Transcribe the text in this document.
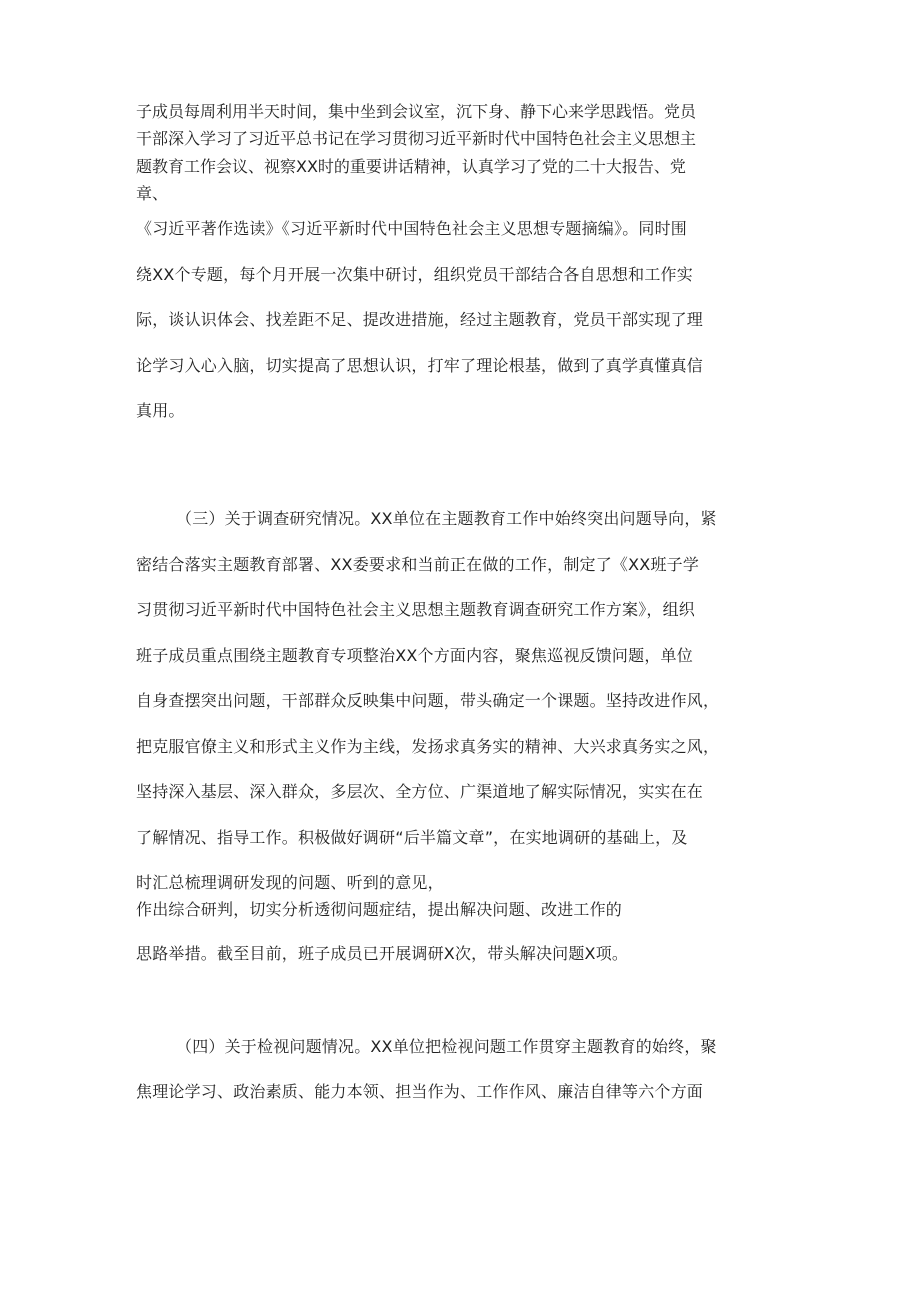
子成员每周利用半天时间，集中坐到会议室，沉下身、静下心来学思践悟。党员
干部深入学习了习近平总书记在学习贯彻习近平新时代中国特色社会主义思想主
题教育工作会议、视察XX时的重要讲话精神，认真学习了党的二十大报告、党
章、
《习近平著作选读》《习近平新时代中国特色社会主义思想专题摘编》。同时围
绕XX个专题，每个月开展一次集中研讨，组织党员干部结合各自思想和工作实
际，谈认识体会、找差距不足、提改进措施，经过主题教育，党员干部实现了理
论学习入心入脑，切实提高了思想认识，打牢了理论根基，做到了真学真懂真信
真用。
（三）关于调查研究情况。XX单位在主题教育工作中始终突出问题导向，紧
密结合落实主题教育部署、XX委要求和当前正在做的工作，制定了《XX班子学
习贯彻习近平新时代中国特色社会主义思想主题教育调查研究工作方案》，组织
班子成员重点围绕主题教育专项整治XX个方面内容，聚焦巡视反馈问题，单位
自身查摆突出问题，干部群众反映集中问题，带头确定一个课题。坚持改进作风，
把克服官僚主义和形式主义作为主线，发扬求真务实的精神、大兴求真务实之风，
坚持深入基层、深入群众，多层次、全方位、广渠道地了解实际情况，实实在在
了解情况、指导工作。积极做好调研“后半篇文章”，在实地调研的基础上，及
时汇总梳理调研发现的问题、听到的意见，
作出综合研判，切实分析透彻问题症结，提出解决问题、改进工作的
思路举措。截至目前，班子成员已开展调研X次，带头解决问题X项。
（四）关于检视问题情况。XX单位把检视问题工作贯穿主题教育的始终，聚
焦理论学习、政治素质、能力本领、担当作为、工作作风、廉洁自律等六个方面
